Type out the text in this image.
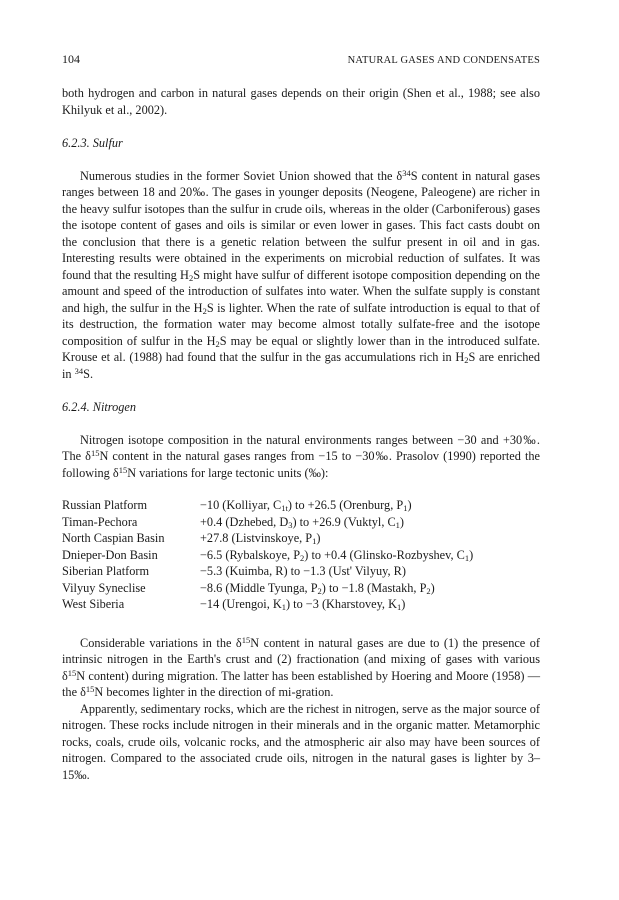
104	NATURAL GASES AND CONDENSATES

both hydrogen and carbon in natural gases depends on their origin (Shen et al., 1988; see also Khilyuk et al., 2002).

6.2.3. Sulfur

Numerous studies in the former Soviet Union showed that the $\delta^{34}S$ content in natural gases ranges between 18 and 20‰. The gases in younger deposits (Neogene, Paleogene) are richer in the heavy sulfur isotopes than the sulfur in crude oils, whereas in the older (Carboniferous) gases the isotope content of gases and oils is similar or even lower in gases. This fact casts doubt on the conclusion that there is a genetic relation between the sulfur present in oil and in gas. Interesting results were obtained in the experiments on microbial reduction of sulfates. It was found that the resulting $H_2S$ might have sulfur of different isotope composition depending on the amount and speed of the introduction of sulfates into water. When the sulfate supply is constant and high, the sulfur in the $H_2S$ is lighter. When the rate of sulfate introduction is equal to that of its destruction, the formation water may become almost totally sulfate-free and the isotope composition of sulfur in the $H_2S$ may be equal or slightly lower than in the introduced sulfate. Krouse et al. (1988) had found that the sulfur in the gas accumulations rich in $H_2S$ are enriched in $^{34}$S.

6.2.4. Nitrogen

Nitrogen isotope composition in the natural environments ranges between −30 and +30‰. The $\delta^{15}N$ content in the natural gases ranges from −15 to −30‰. Prasolov (1990) reported the following $\delta^{15}N$ variations for large tectonic units (‰):

Russian Platform	−10 (Kolliyar, $C_{1t}$) to +26.5 (Orenburg, $P_1$)
Timan-Pechora	+0.4 (Dzhebed, $D_3$) to +26.9 (Vuktyl, $C_1$)
North Caspian Basin	+27.8 (Listvinskoye, $P_1$)
Dnieper-Don Basin	−6.5 (Rybalskoye, $P_2$) to +0.4 (Glinsko-Rozbyshev, $C_1$)
Siberian Platform	−5.3 (Kuimba, R) to −1.3 (Ust' Vilyuy, R)
Vilyuy Syneclise	−8.6 (Middle Tyunga, $P_2$) to −1.8 (Mastakh, $P_2$)
West Siberia	−14 (Urengoi, $K_1$) to −3 (Kharstovey, $K_1$)

Considerable variations in the $\delta^{15}N$ content in natural gases are due to (1) the presence of intrinsic nitrogen in the Earth's crust and (2) fractionation (and mixing of gases with various $\delta^{15}N$ content) during migration. The latter has been established by Hoering and Moore (1958) — the $\delta^{15}N$ becomes lighter in the direction of mi-gration.

Apparently, sedimentary rocks, which are the richest in nitrogen, serve as the major source of nitrogen. These rocks include nitrogen in their minerals and in the organic matter. Metamorphic rocks, coals, crude oils, volcanic rocks, and the atmospheric air also may have been sources of nitrogen. Compared to the associated crude oils, nitrogen in the natural gases is lighter by 3–15‰.
